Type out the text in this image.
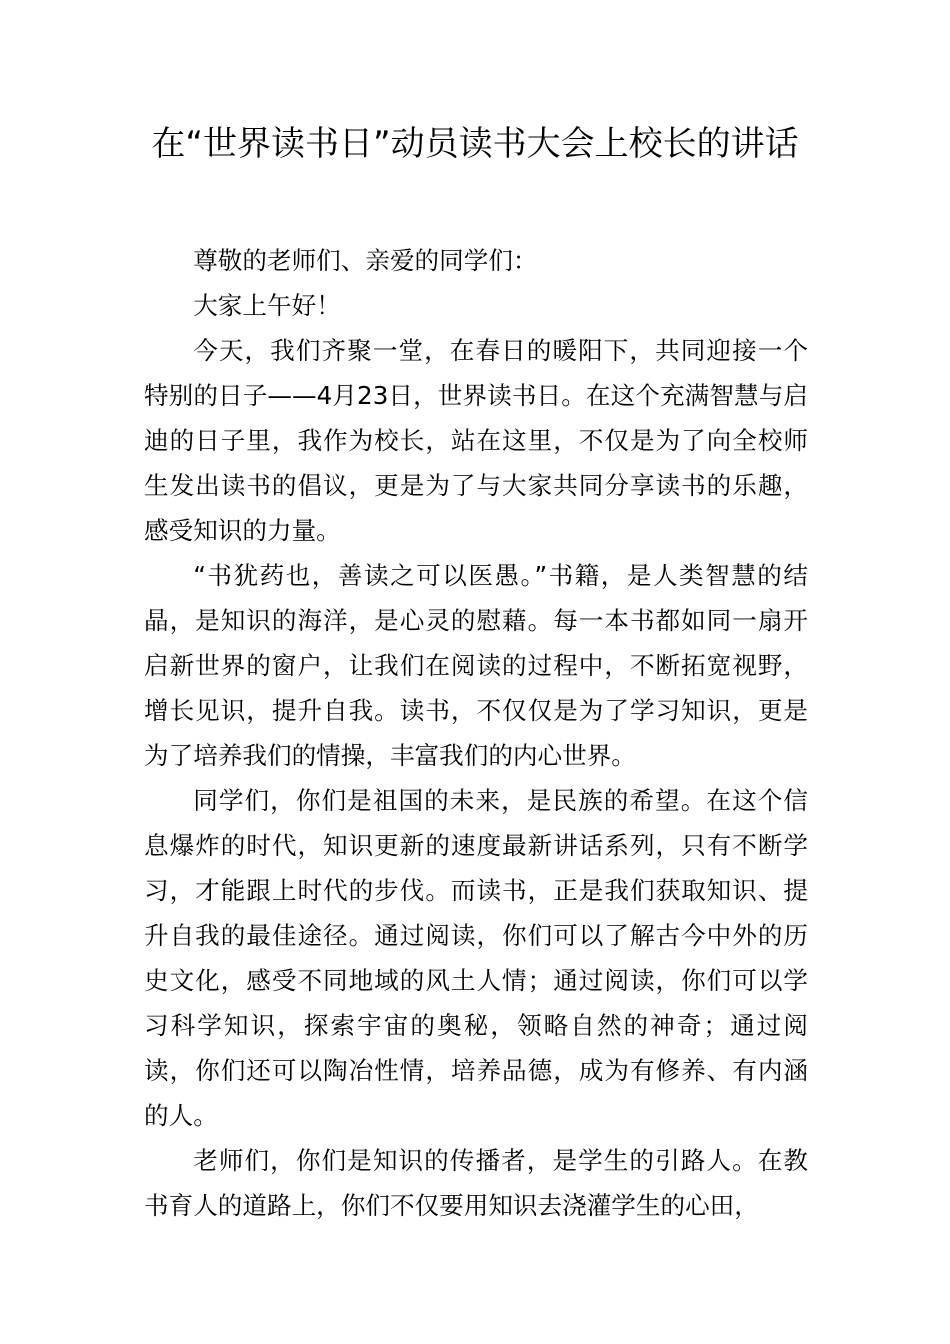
在“世界读书日”动员读书大会上校长的讲话

尊敬的老师们、亲爱的同学们：

大家上午好！

今天，我们齐聚一堂，在春日的暖阳下，共同迎接一个特别的日子——4月23日，世界读书日。在这个充满智慧与启迪的日子里，我作为校长，站在这里，不仅是为了向全校师生发出读书的倡议，更是为了与大家共同分享读书的乐趣，感受知识的力量。

“书犹药也，善读之可以医愚。”书籍，是人类智慧的结晶，是知识的海洋，是心灵的慰藉。每一本书都如同一扇开启新世界的窗户，让我们在阅读的过程中，不断拓宽视野，增长见识，提升自我。读书，不仅仅是为了学习知识，更是为了培养我们的情操，丰富我们的内心世界。

同学们，你们是祖国的未来，是民族的希望。在这个信息爆炸的时代，知识更新的速度最新讲话系列，只有不断学习，才能跟上时代的步伐。而读书，正是我们获取知识、提升自我的最佳途径。通过阅读，你们可以了解古今中外的历史文化，感受不同地域的风土人情；通过阅读，你们可以学习科学知识，探索宇宙的奥秘，领略自然的神奇；通过阅读，你们还可以陶冶性情，培养品德，成为有修养、有内涵的人。

老师们，你们是知识的传播者，是学生的引路人。在教书育人的道路上，你们不仅要用知识去浇灌学生的心田，
